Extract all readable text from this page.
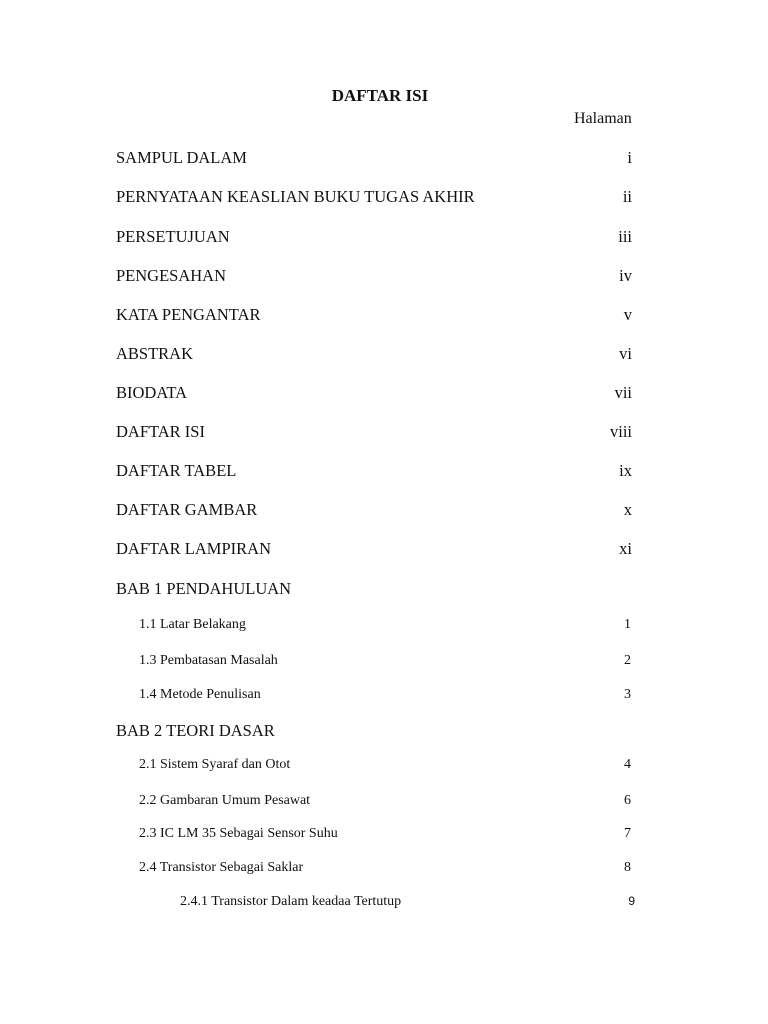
DAFTAR ISI
Halaman
SAMPUL DALAM	i
PERNYATAAN KEASLIAN BUKU TUGAS AKHIR	ii
PERSETUJUAN	iii
PENGESAHAN	iv
KATA PENGANTAR	v
ABSTRAK	vi
BIODATA	vii
DAFTAR ISI	viii
DAFTAR TABEL	ix
DAFTAR GAMBAR	x
DAFTAR LAMPIRAN	xi
BAB 1 PENDAHULUAN
1.1 Latar Belakang	1
1.3 Pembatasan Masalah	2
1.4 Metode Penulisan	3
BAB 2 TEORI DASAR
2.1 Sistem Syaraf dan Otot	4
2.2 Gambaran Umum Pesawat	6
2.3 IC LM 35 Sebagai Sensor Suhu	7
2.4 Transistor Sebagai Saklar	8
2.4.1 Transistor Dalam keadaa Tertutup	9
